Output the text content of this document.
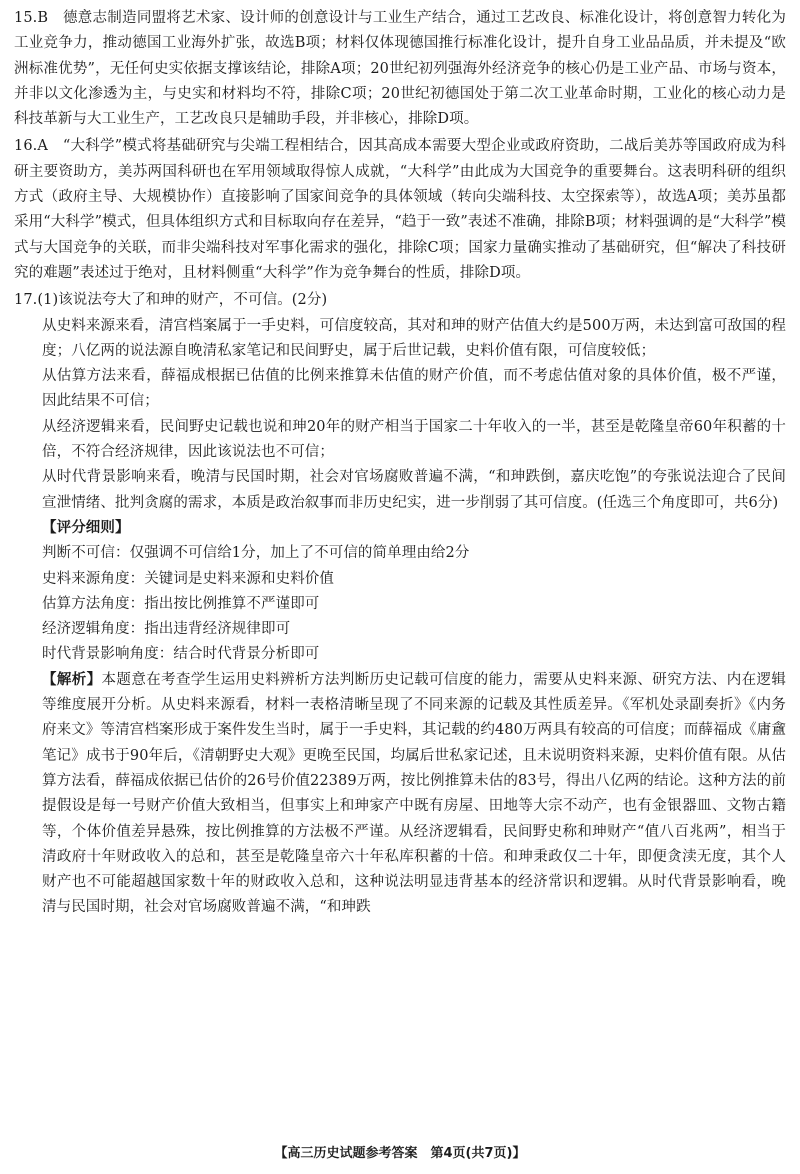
15.B　德意志制造同盟将艺术家、设计师的创意设计与工业生产结合，通过工艺改良、标准化设计，将创意智力转化为工业竞争力，推动德国工业海外扩张，故选B项；材料仅体现德国推行标准化设计，提升自身工业品品质，并未提及“欧洲标准优势”，无任何史实依据支撑该结论，排除A项；20世纪初列强海外经济竞争的核心仍是工业产品、市场与资本，并非以文化渗透为主，与史实和材料均不符，排除C项；20世纪初德国处于第二次工业革命时期，工业化的核心动力是科技革新与大工业生产，工艺改良只是辅助手段，并非核心，排除D项。

16.A　“大科学”模式将基础研究与尖端工程相结合，因其高成本需要大型企业或政府资助，二战后美苏等国政府成为科研主要资助方，美苏两国科研也在军用领域取得惊人成就，“大科学”由此成为大国竞争的重要舞台。这表明科研的组织方式（政府主导、大规模协作）直接影响了国家间竞争的具体领域（转向尖端科技、太空探索等），故选A项；美苏虽都采用“大科学”模式，但具体组织方式和目标取向存在差异，“趋于一致”表述不准确，排除B项；材料强调的是“大科学”模式与大国竞争的关联，而非尖端科技对军事化需求的强化，排除C项；国家力量确实推动了基础研究，但“解决了科技研究的难题”表述过于绝对，且材料侧重“大科学”作为竞争舞台的性质，排除D项。

17.(1)该说法夸大了和珅的财产，不可信。(2分)

从史料来源来看，清宫档案属于一手史料，可信度较高，其对和珅的财产估值大约是500万两，未达到富可敌国的程度；八亿两的说法源自晚清私家笔记和民间野史，属于后世记载，史料价值有限，可信度较低；

从估算方法来看，薛福成根据已估值的比例来推算未估值的财产价值，而不考虑估值对象的具体价值，极不严谨，因此结果不可信；

从经济逻辑来看，民间野史记载也说和珅20年的财产相当于国家二十年收入的一半，甚至是乾隆皇帝60年积蓄的十倍，不符合经济规律，因此该说法也不可信；

从时代背景影响来看，晚清与民国时期，社会对官场腐败普遍不满，“和珅跌倒，嘉庆吃饱”的夸张说法迎合了民间宣泄情绪、批判贪腐的需求，本质是政治叙事而非历史纪实，进一步削弱了其可信度。(任选三个角度即可，共6分)

【评分细则】

判断不可信：仅强调不可信给1分，加上了不可信的简单理由给2分

史料来源角度：关键词是史料来源和史料价值

估算方法角度：指出按比例推算不严谨即可

经济逻辑角度：指出违背经济规律即可

时代背景影响角度：结合时代背景分析即可

【解析】本题意在考查学生运用史料辨析方法判断历史记载可信度的能力，需要从史料来源、研究方法、内在逻辑等维度展开分析。从史料来源看，材料一表格清晰呈现了不同来源的记载及其性质差异。《军机处录副奏折》《内务府来文》等清宫档案形成于案件发生当时，属于一手史料，其记载的约480万两具有较高的可信度；而薛福成《庸盦笔记》成书于90年后，《清朝野史大观》更晚至民国，均属后世私家记述，且未说明资料来源，史料价值有限。从估算方法看，薛福成依据已估价的26号价值22389万两，按比例推算未估的83号，得出八亿两的结论。这种方法的前提假设是每一号财产价值大致相当，但事实上和珅家产中既有房屋、田地等大宗不动产，也有金银器皿、文物古籍等，个体价值差异悬殊，按比例推算的方法极不严谨。从经济逻辑看，民间野史称和珅财产“值八百兆两”，相当于清政府十年财政收入的总和，甚至是乾隆皇帝六十年私库积蓄的十倍。和珅秉政仅二十年，即便贪渎无度，其个人财产也不可能超越国家数十年的财政收入总和，这种说法明显违背基本的经济常识和逻辑。从时代背景影响看，晚清与民国时期，社会对官场腐败普遍不满，“和珅跌

【高三历史试题参考答案　第4页(共7页)】
